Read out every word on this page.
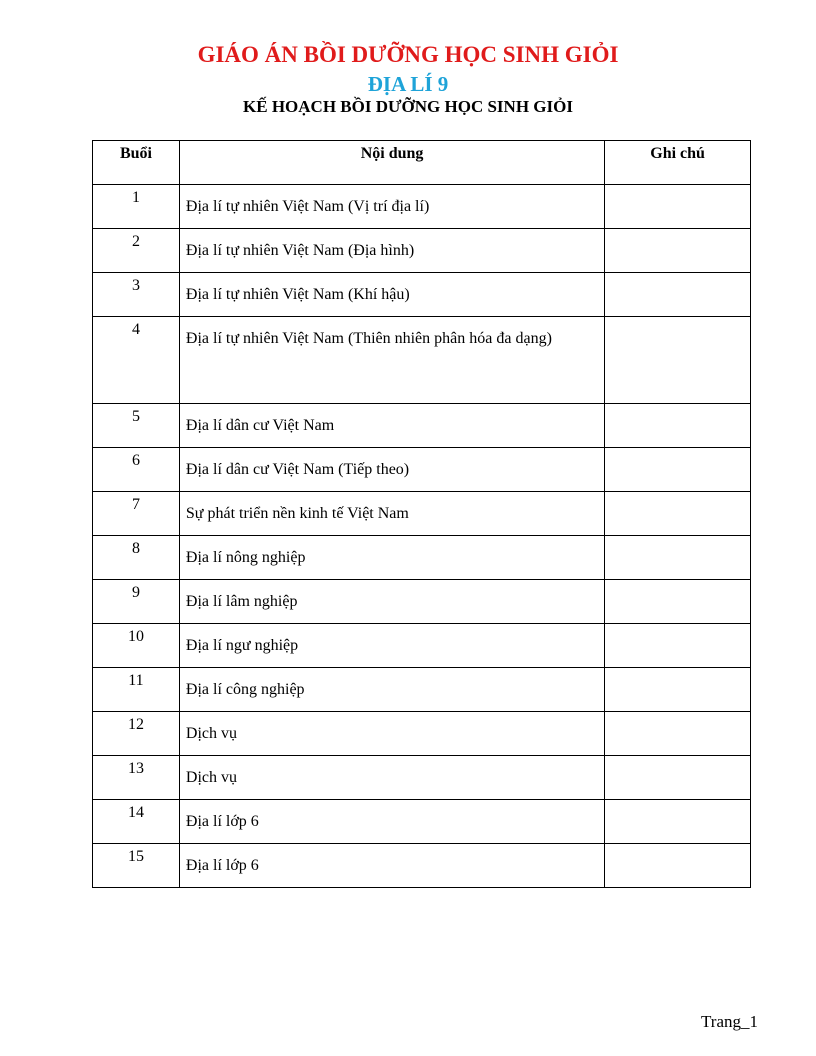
GIÁO ÁN BỒI DƯỠNG HỌC SINH GIỎI
ĐỊA LÍ 9
KẾ HOẠCH BỒI DƯỠNG HỌC SINH GIỎI
Buổi	Nội dung	Ghi chú
1	Địa lí tự nhiên Việt Nam (Vị trí địa lí)	
2	Địa lí tự nhiên Việt Nam (Địa hình)	
3	Địa lí tự nhiên Việt Nam (Khí hậu)	
4	Địa lí tự nhiên Việt Nam (Thiên nhiên phân hóa đa dạng)	
5	Địa lí dân cư Việt Nam	
6	Địa lí dân cư Việt Nam (Tiếp theo)	
7	Sự phát triển nền kinh tế Việt Nam	
8	Địa lí nông nghiệp	
9	Địa lí lâm nghiệp	
10	Địa lí ngư nghiệp	
11	Địa lí công nghiệp	
12	Dịch vụ	
13	Dịch vụ	
14	Địa lí lớp 6	
15	Địa lí lớp 6	
Trang_1
